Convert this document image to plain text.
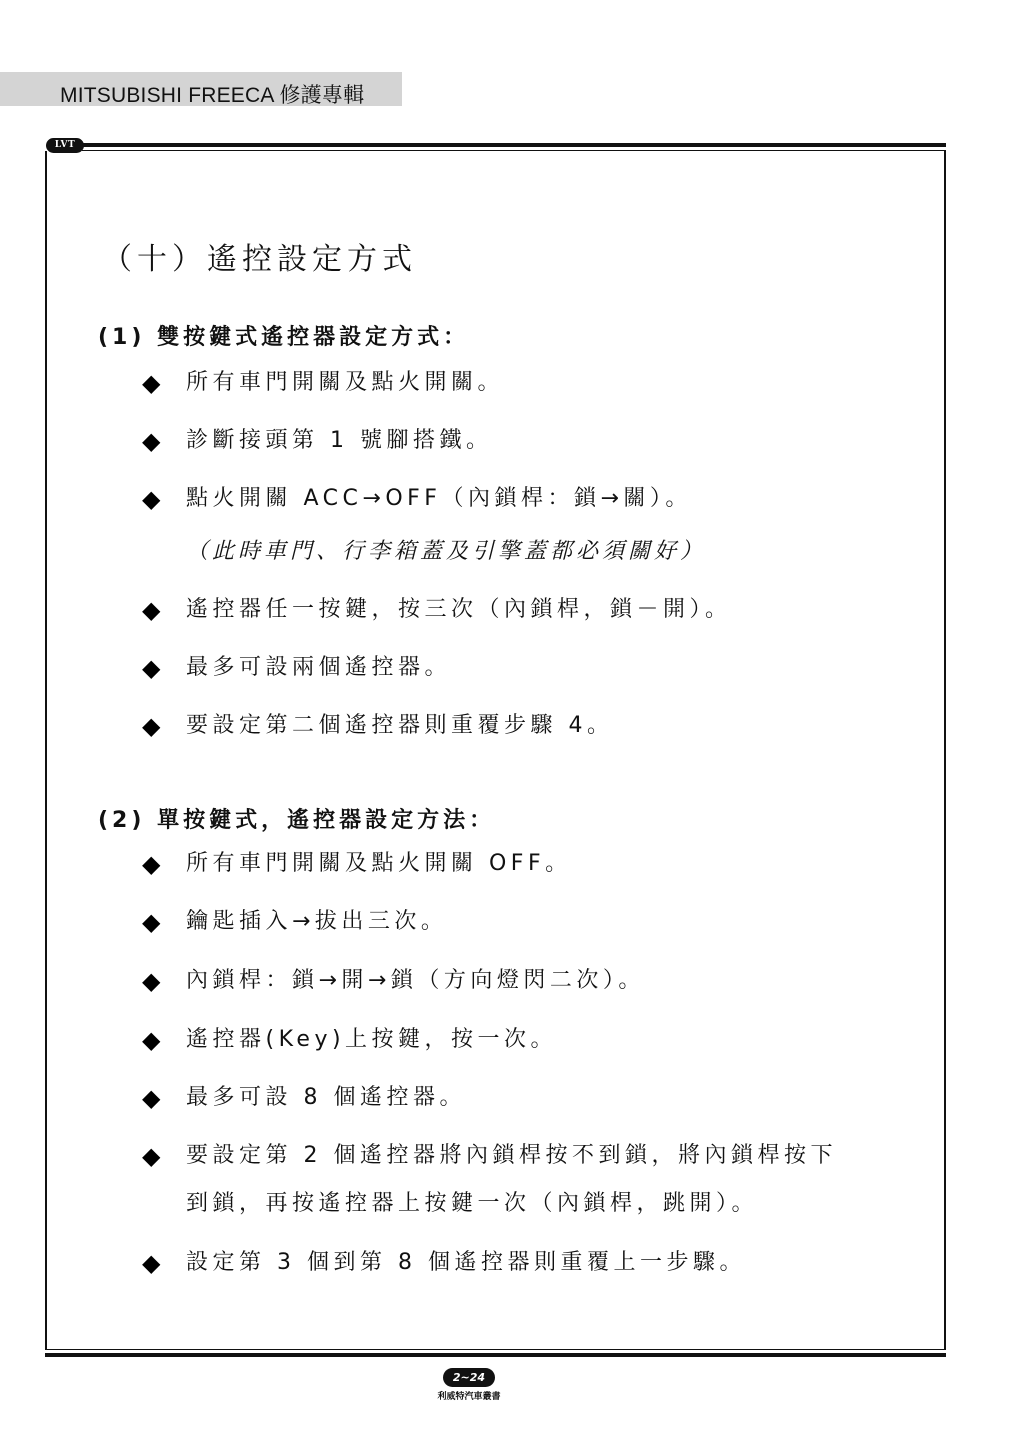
MITSUBISHI FREECA 修護專輯
LVT
（十）遙控設定方式
(1) 雙按鍵式遙控器設定方式：
◆ 所有車門開關及點火開關。
◆ 診斷接頭第 1 號腳搭鐵。
◆ 點火開關 ACC→OFF（內鎖桿：鎖→關）。
（此時車門、行李箱蓋及引擎蓋都必須關好）
◆ 遙控器任一按鍵，按三次（內鎖桿，鎖－開）。
◆ 最多可設兩個遙控器。
◆ 要設定第二個遙控器則重覆步驟 4。
(2) 單按鍵式，遙控器設定方法：
◆ 所有車門開關及點火開關 OFF。
◆ 鑰匙插入→拔出三次。
◆ 內鎖桿：鎖→開→鎖（方向燈閃二次）。
◆ 遙控器(Key)上按鍵，按一次。
◆ 最多可設 8 個遙控器。
◆ 要設定第 2 個遙控器將內鎖桿按不到鎖，將內鎖桿按下
到鎖，再按遙控器上按鍵一次（內鎖桿，跳開）。
◆ 設定第 3 個到第 8 個遙控器則重覆上一步驟。
2~24
利威特汽車叢書
